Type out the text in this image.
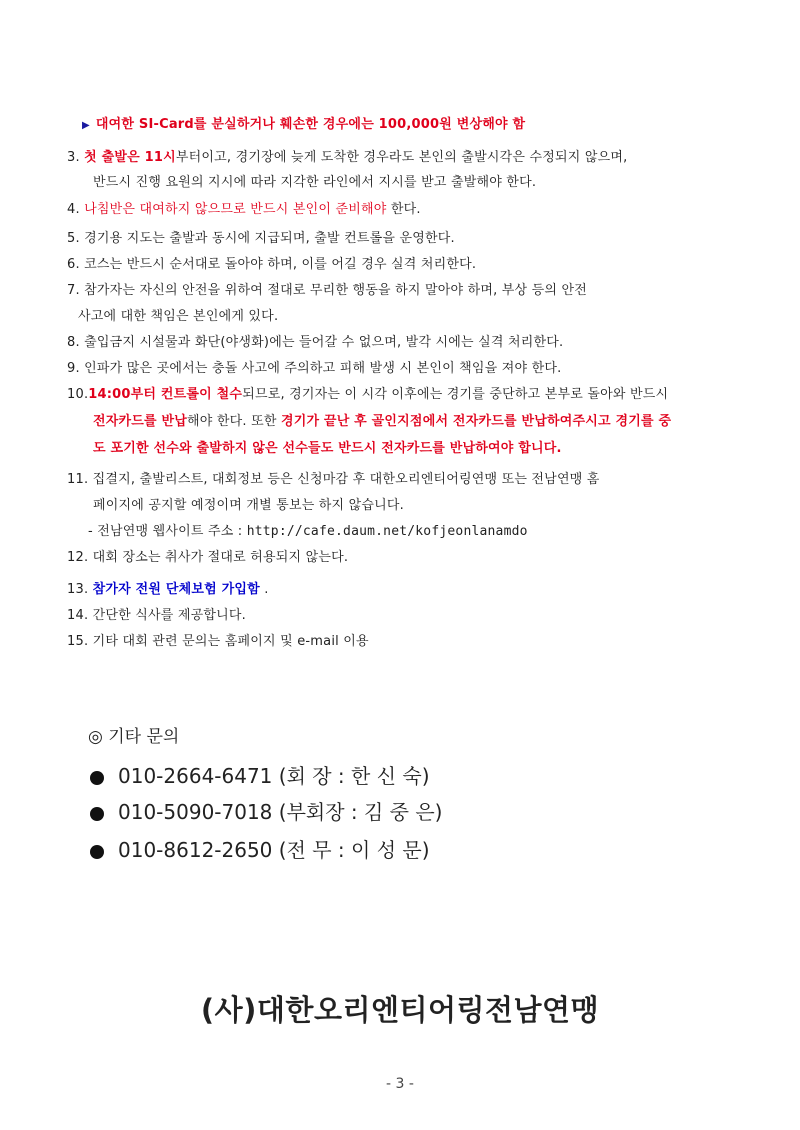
▶ 대여한 SI-Card를 분실하거나 훼손한 경우에는 100,000원 변상해야 함
3. 첫 출발은 11시부터이고, 경기장에 늦게 도착한 경우라도 본인의 출발시각은 수정되지 않으며,
반드시 진행 요원의 지시에 따라 지각한 라인에서 지시를 받고 출발해야 한다.
4. 나침반은 대여하지 않으므로 반드시 본인이 준비해야 한다.
5. 경기용 지도는 출발과 동시에 지급되며, 출발 컨트롤을 운영한다.
6. 코스는 반드시 순서대로 돌아야 하며, 이를 어길 경우 실격 처리한다.
7. 참가자는 자신의 안전을 위하여 절대로 무리한 행동을 하지 말아야 하며, 부상 등의 안전
사고에 대한 책임은 본인에게 있다.
8. 출입금지 시설물과 화단(야생화)에는 들어갈 수 없으며, 발각 시에는 실격 처리한다.
9. 인파가 많은 곳에서는 충돌 사고에 주의하고 피해 발생 시 본인이 책임을 져야 한다.
10.14:00부터 컨트롤이 철수되므로, 경기자는 이 시각 이후에는 경기를 중단하고 본부로 돌아와 반드시
전자카드를 반납해야 한다. 또한 경기가 끝난 후 골인지점에서 전자카드를 반납하여주시고 경기를 중
도 포기한 선수와 출발하지 않은 선수들도 반드시 전자카드를 반납하여야 합니다.
11. 집결지, 출발리스트, 대회정보 등은 신청마감 후 대한오리엔티어링연맹 또는 전남연맹 홈
페이지에 공지할 예정이며 개별 통보는 하지 않습니다.
- 전남연맹 웹사이트 주소 : http://cafe.daum.net/kofjeonlanamdo
12. 대회 장소는 취사가 절대로 허용되지 않는다.
13. 참가자 전원 단체보험 가입함 .
14. 간단한 식사를 제공합니다.
15. 기타 대회 관련 문의는 홈페이지 및 e-mail 이용
◎ 기타 문의
010-2664-6471 (회 장 : 한 신 숙)
010-5090-7018 (부회장 : 김 중 은)
010-8612-2650 (전 무 : 이 성 문)
(사)대한오리엔티어링전남연맹
- 3 -
